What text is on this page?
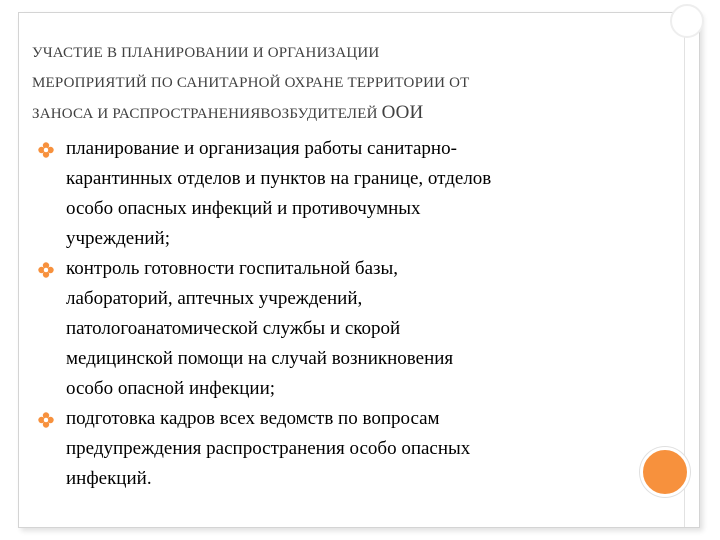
УЧАСТИЕ В ПЛАНИРОВАНИИ И ОРГАНИЗАЦИИ
МЕРОПРИЯТИЙ ПО САНИТАРНОЙ ОХРАНЕ ТЕРРИТОРИИ ОТ
ЗАНОСА И РАСПРОСТРАНЕНИЯВОЗБУДИТЕЛЕЙ ООИ
планирование и организация работы санитарно-
карантинных отделов и пунктов на границе, отделов
особо опасных инфекций и противочумных
учреждений;
контроль готовности госпитальной базы,
лабораторий, аптечных учреждений,
патологоанатомической службы и скорой
медицинской помощи на случай возникновения
особо опасной инфекции;
подготовка кадров всех ведомств по вопросам
предупреждения распространения особо опасных
инфекций.
